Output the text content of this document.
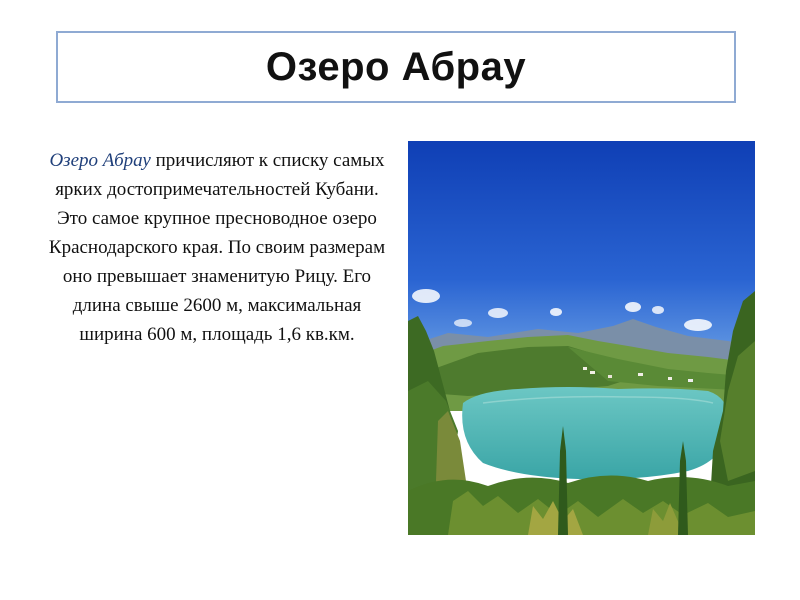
Озеро Абрау
Озеро Абрау причисляют к списку самых ярких достопримечательностей Кубани. Это самое крупное пресноводное озеро Краснодарского края. По своим размерам оно превышает знаменитую Рицу. Его длина свыше 2600 м, максимальная ширина 600 м, площадь 1,6 кв.км.
